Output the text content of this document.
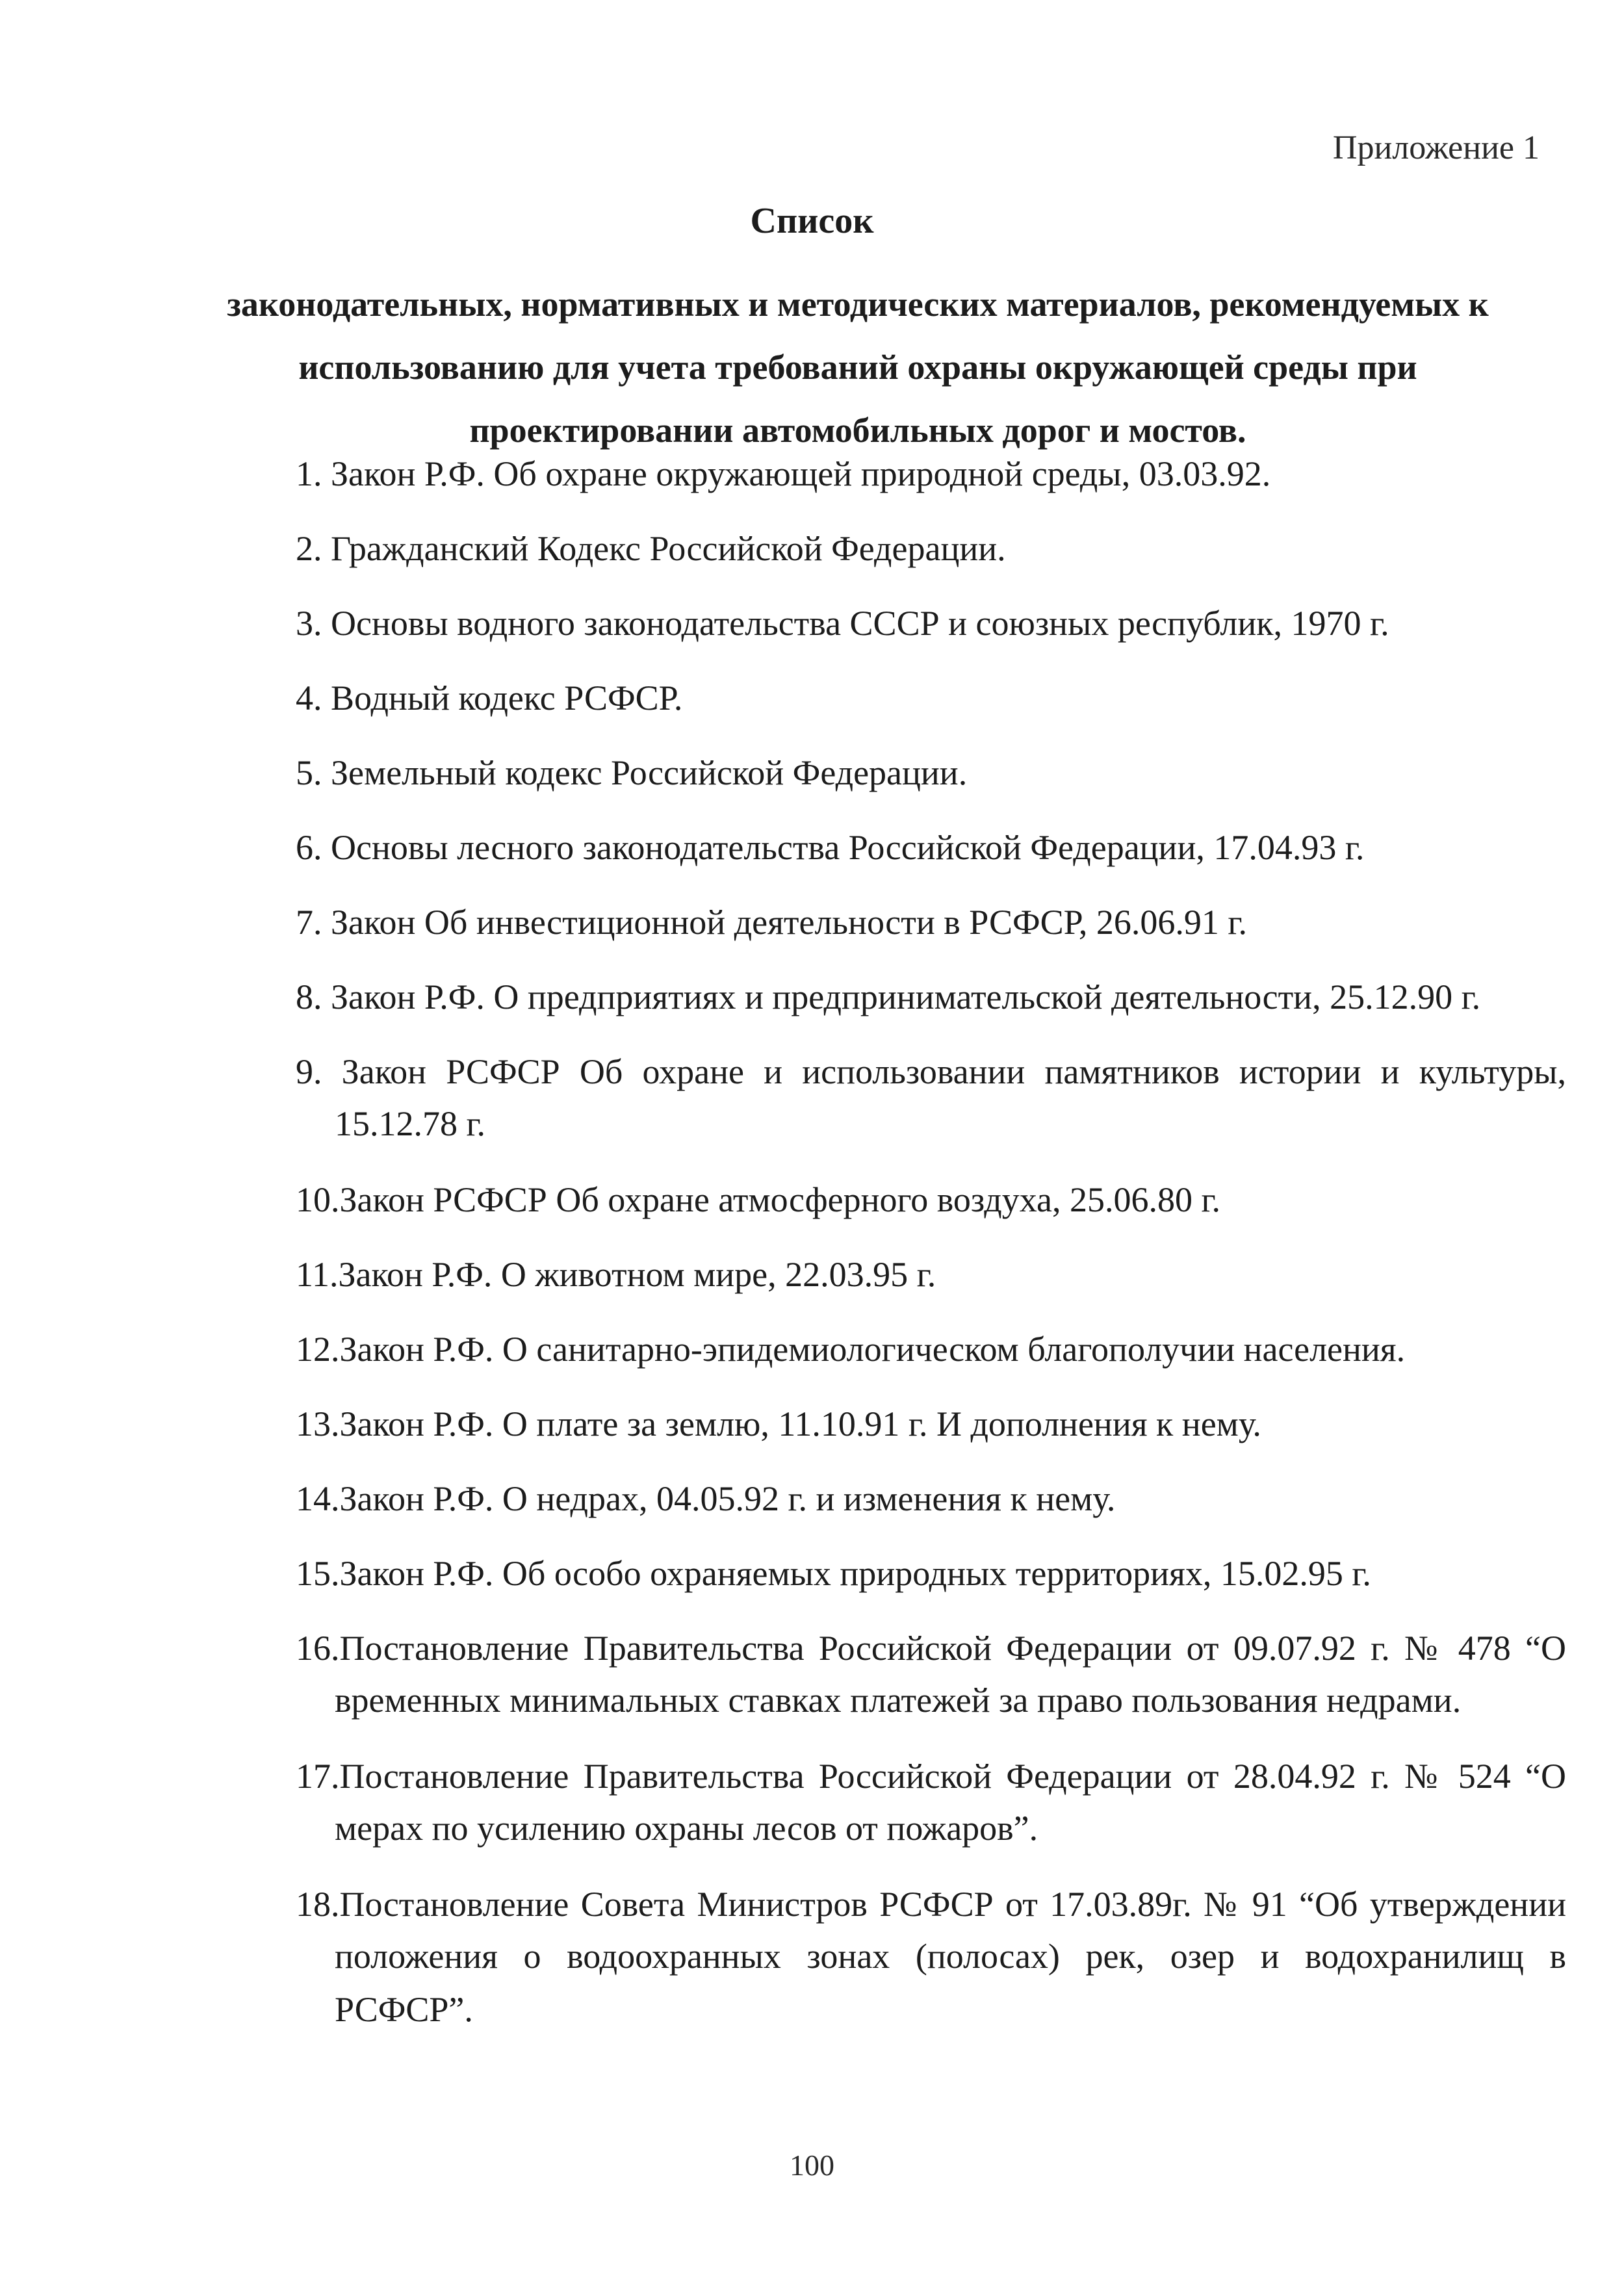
Приложение 1
Список
законодательных, нормативных и методических материалов, рекомендуемых к
использованию для учета требований охраны окружающей среды при
проектировании автомобильных дорог и мостов.
1. Закон Р.Ф. Об охране окружающей природной среды, 03.03.92.
2. Гражданский Кодекс Российской Федерации.
3. Основы водного законодательства СССР и союзных республик, 1970 г.
4. Водный кодекс РСФСР.
5. Земельный кодекс Российской Федерации.
6. Основы лесного законодательства Российской Федерации, 17.04.93 г.
7. Закон Об инвестиционной деятельности в РСФСР, 26.06.91 г.
8. Закон Р.Ф. О предприятиях и предпринимательской деятельности, 25.12.90 г.
9. Закон РСФСР Об охране и использовании памятников истории и культуры,
15.12.78 г.
10.Закон РСФСР Об охране атмосферного воздуха, 25.06.80 г.
11.Закон Р.Ф. О животном мире, 22.03.95 г.
12.Закон Р.Ф. О санитарно-эпидемиологическом благополучии населения.
13.Закон Р.Ф. О плате за землю, 11.10.91 г. И дополнения к нему.
14.Закон Р.Ф. О недрах, 04.05.92 г. и изменения к нему.
15.Закон Р.Ф. Об особо охраняемых природных территориях, 15.02.95 г.
16.Постановление Правительства Российской Федерации от 09.07.92 г. № 478 “О
временных минимальных ставках платежей за право пользования недрами.
17.Постановление Правительства Российской Федерации от 28.04.92 г. № 524 “О
мерах по усилению охраны лесов от пожаров”.
18.Постановление Совета Министров РСФСР от 17.03.89г. № 91 “Об утверждении
положения о водоохранных зонах (полосах) рек, озер и водохранилищ в
РСФСР”.
100
